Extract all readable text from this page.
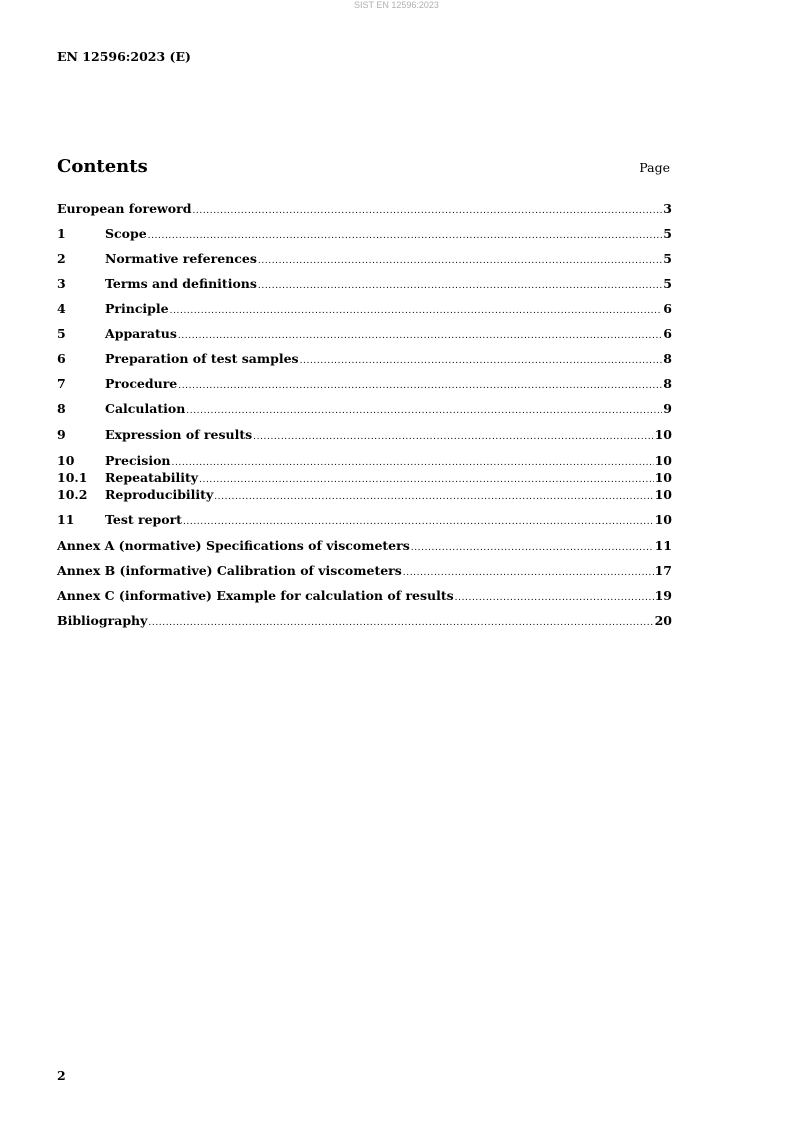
SIST EN 12596:2023
EN 12596:2023 (E)
Contents	Page
European foreword .....	3
1	Scope .....	5
2	Normative references .....	5
3	Terms and definitions .....	5
4	Principle .....	6
5	Apparatus .....	6
6	Preparation of test samples .....	8
7	Procedure .....	8
8	Calculation .....	9
9	Expression of results .....	10
10	Precision .....	10
10.1	Repeatability .....	10
10.2	Reproducibility .....	10
11	Test report .....	10
Annex A (normative) Specifications of viscometers .....	11
Annex B (informative) Calibration of viscometers .....	17
Annex C (informative) Example for calculation of results .....	19
Bibliography .....	20
2
